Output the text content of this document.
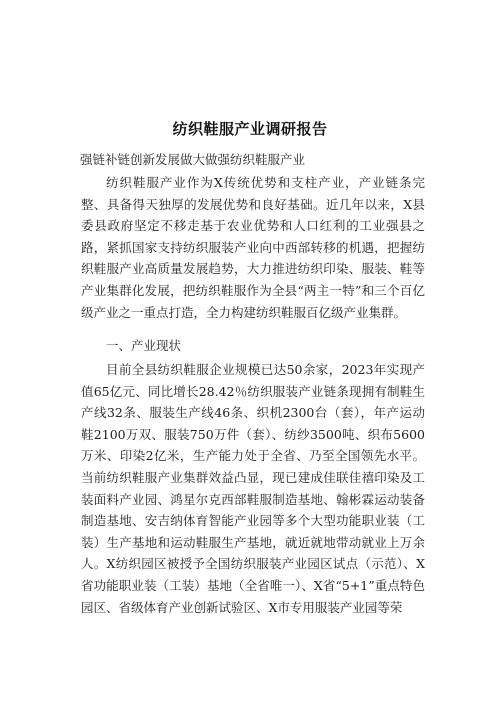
纺织鞋服产业调研报告
强链补链创新发展做大做强纺织鞋服产业

纺织鞋服产业作为X传统优势和支柱产业，产业链条完整、具备得天独厚的发展优势和良好基础。近几年以来，X县委县政府坚定不移走基于农业优势和人口红利的工业强县之路，紧抓国家支持纺织服装产业向中西部转移的机遇，把握纺织鞋服产业高质量发展趋势，大力推进纺织印染、服装、鞋等产业集群化发展，把纺织鞋服作为全县“两主一特”和三个百亿级产业之一重点打造，全力构建纺织鞋服百亿级产业集群。

一、产业现状

目前全县纺织鞋服企业规模已达50余家，2023年实现产值65亿元、同比增长28.42％纺织服装产业链条现拥有制鞋生产线32条、服装生产线46条、织机2300台（套），年产运动鞋2100万双、服装750万件（套）、纺纱3500吨、织布5600万米、印染2亿米，生产能力处于全省、乃至全国领先水平。当前纺织鞋服产业集群效益凸显，现已建成佳联佳禧印染及工装面料产业园、鸿星尔克西部鞋服制造基地、翰彬霖运动装备制造基地、安吉纳体育智能产业园等多个大型功能职业装（工装）生产基地和运动鞋服生产基地，就近就地带动就业上万余人。X纺织园区被授予全国纺织服装产业园区试点（示范）、X省功能职业装（工装）基地（全省唯一）、X省“5+1”重点特色园区、省级体育产业创新试验区、X市专用服装产业园等荣
